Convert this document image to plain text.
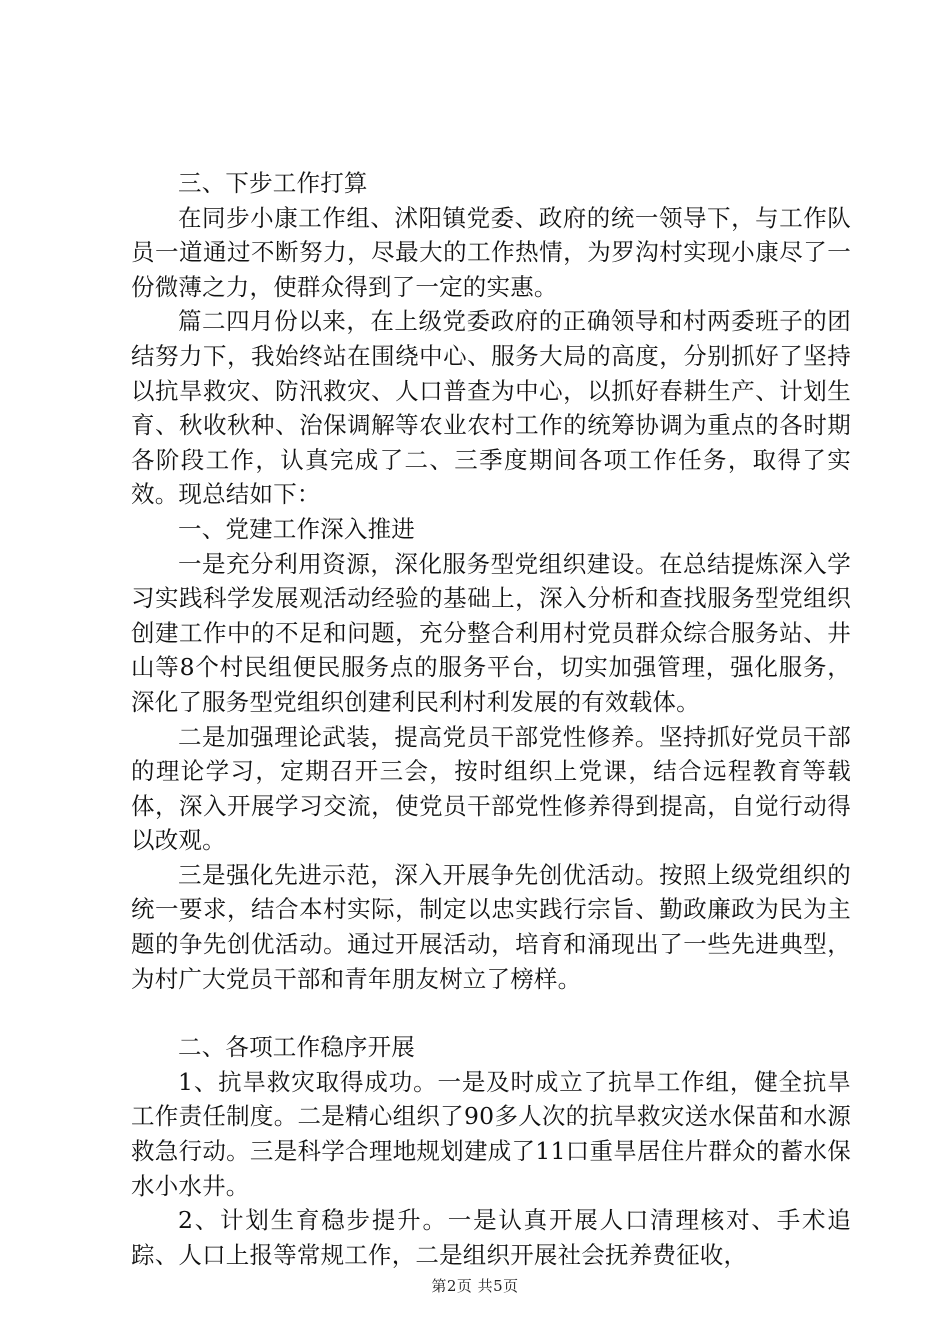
三、下步工作打算

在同步小康工作组、沭阳镇党委、政府的统一领导下，与工作队员一道通过不断努力，尽最大的工作热情，为罗沟村实现小康尽了一份微薄之力，使群众得到了一定的实惠。

篇二四月份以来，在上级党委政府的正确领导和村两委班子的团结努力下，我始终站在围绕中心、服务大局的高度，分别抓好了坚持以抗旱救灾、防汛救灾、人口普查为中心，以抓好春耕生产、计划生育、秋收秋种、治保调解等农业农村工作的统筹协调为重点的各时期各阶段工作，认真完成了二、三季度期间各项工作任务，取得了实效。现总结如下：

一、党建工作深入推进

一是充分利用资源，深化服务型党组织建设。在总结提炼深入学习实践科学发展观活动经验的基础上，深入分析和查找服务型党组织创建工作中的不足和问题，充分整合利用村党员群众综合服务站、井山等8个村民组便民服务点的服务平台，切实加强管理，强化服务，深化了服务型党组织创建利民利村利发展的有效载体。

二是加强理论武装，提高党员干部党性修养。坚持抓好党员干部的理论学习，定期召开三会，按时组织上党课，结合远程教育等载体，深入开展学习交流，使党员干部党性修养得到提高，自觉行动得以改观。

三是强化先进示范，深入开展争先创优活动。按照上级党组织的统一要求，结合本村实际，制定以忠实践行宗旨、勤政廉政为民为主题的争先创优活动。通过开展活动，培育和涌现出了一些先进典型，为村广大党员干部和青年朋友树立了榜样。

二、各项工作稳序开展

1、抗旱救灾取得成功。一是及时成立了抗旱工作组，健全抗旱工作责任制度。二是精心组织了90多人次的抗旱救灾送水保苗和水源救急行动。三是科学合理地规划建成了11口重旱居住片群众的蓄水保水小水井。

2、计划生育稳步提升。一是认真开展人口清理核对、手术追踪、人口上报等常规工作，二是组织开展社会抚养费征收，

第2页 共5页
